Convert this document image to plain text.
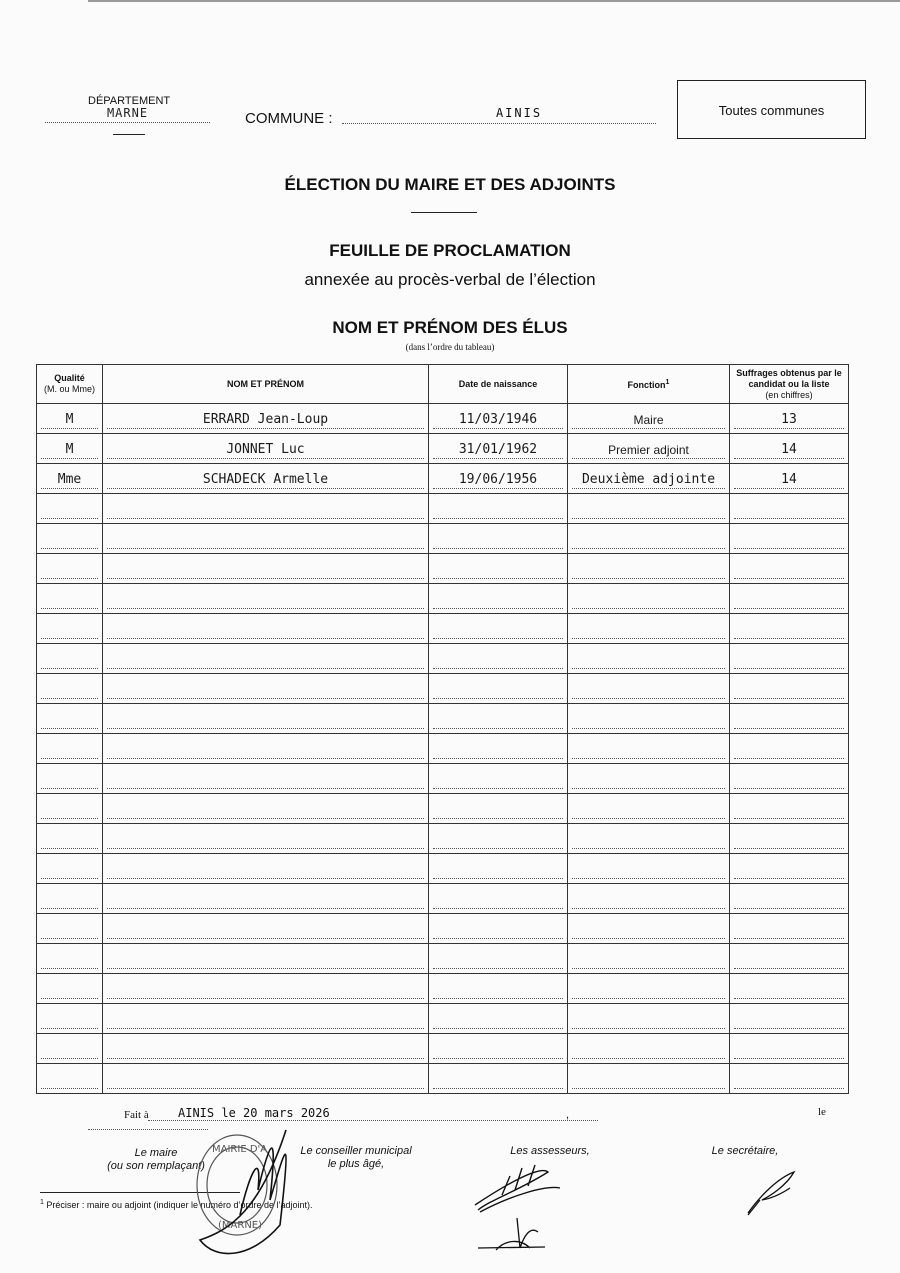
DÉPARTEMENT
MARNE	COMMUNE :	AINIS	Toutes communes
ÉLECTION DU MAIRE ET DES ADJOINTS
FEUILLE DE PROCLAMATION
annexée au procès-verbal de l’élection
NOM ET PRÉNOM DES ÉLUS
(dans l’ordre du tableau)
Qualité
(M. ou Mme)	NOM ET PRÉNOM	Date de naissance	Fonction$^1$	Suffrages obtenus par le candidat ou la liste
(en chiffres)

M	ERRARD Jean-Loup	11/03/1946	Maire	13

M	JONNET Luc	31/01/1962	Premier adjoint	14

Mme	SCHADECK Armelle	19/06/1956	Deuxième adjointe	14

Fait à	AINIS le 20 mars 2026	,	le
Le maire
(ou son remplaçant)
Le conseiller municipal
le plus âgé,
Les assesseurs,	Le secrétaire,
$^1$ Préciser : maire ou adjoint (indiquer le numéro d’ordre de l’adjoint).
MAIRIE D'A
(MARNE)
